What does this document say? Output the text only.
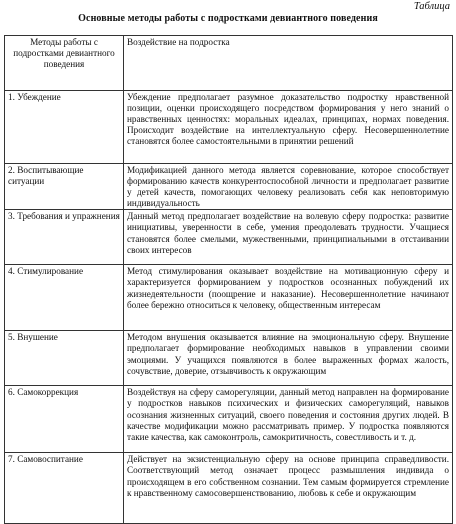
Таблица
Основные методы работы с подростками девиантного поведения
Методы работы с подростками девиантного поведения	Воздействие на подростка
1. Убеждение	Убеждение предполагает разумное доказательство подростку нравственной позиции, оценки происходящего посредством формирования у него знаний о нравственных ценностях: моральных идеалах, принципах, нормах поведения. Происходит воздействие на интеллектуальную сферу. Несовершеннолетние становятся более самостоятельными в принятии решений
2. Воспитывающие ситуации	Модификацией данного метода является соревнование, которое способствует формированию качеств конкурентоспособной личности и предполагает развитие у детей качеств, помогающих человеку реализовать себя как неповторимую индивидуальность
3. Требования и упражнения	Данный метод предполагает воздействие на волевую сферу подростка: развитие инициативы, уверенности в себе, умения преодолевать трудности. Учащиеся становятся более смелыми, мужественными, принципиальными в отстаивании своих интересов
4. Стимулирование	Метод стимулирования оказывает воздействие на мотивационную сферу и характеризуется формированием у подростков осознанных побуждений их жизнедеятельности (поощрение и наказание). Несовершеннолетние начинают более бережно относиться к человеку, общественным интересам
5. Внушение	Методом внушения оказывается влияние на эмоциональную сферу. Внушение предполагает формирование необходимых навыков в управлении своими эмоциями. У учащихся появляются в более выраженных формах жалость, сочувствие, доверие, отзывчивость к окружающим
6. Самокоррекция	Воздействуя на сферу саморегуляции, данный метод направлен на формирование у подростков навыков психических и физических саморегуляций, навыков осознания жизненных ситуаций, своего поведения и состояния других людей. В качестве модификации можно рассматривать пример. У подростка появляются такие качества, как самоконтроль, самокритичность, совестливость и т. д.
7. Самовоспитание	Действует на экзистенциальную сферу на основе принципа справедливости. Соответствующий метод означает процесс размышления индивида о происходящем в его собственном сознании. Тем самым формируется стремление к нравственному самосовершенствованию, любовь к себе и окружающим
